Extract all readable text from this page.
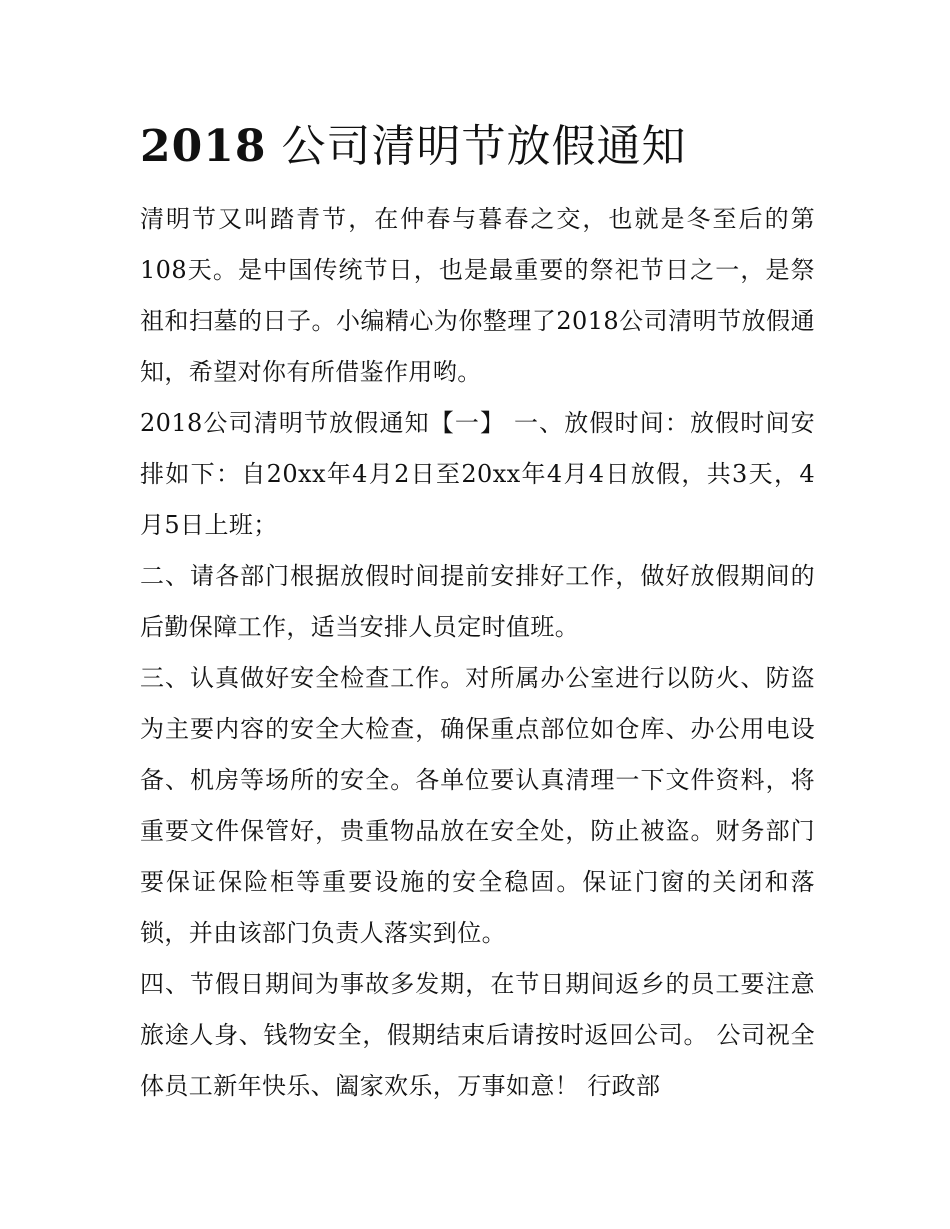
2018 公司清明节放假通知

清明节又叫踏青节，在仲春与暮春之交，也就是冬至后的第108天。是中国传统节日，也是最重要的祭祀节日之一，是祭祖和扫墓的日子。小编精心为你整理了2018公司清明节放假通知，希望对你有所借鉴作用哟。

2018公司清明节放假通知【一】 一、放假时间：放假时间安排如下：自20xx年4月2日至20xx年4月4日放假，共3天，4月5日上班；

二、请各部门根据放假时间提前安排好工作，做好放假期间的后勤保障工作，适当安排人员定时值班。

三、认真做好安全检查工作。对所属办公室进行以防火、防盗为主要内容的安全大检查，确保重点部位如仓库、办公用电设备、机房等场所的安全。各单位要认真清理一下文件资料，将重要文件保管好，贵重物品放在安全处，防止被盗。财务部门要保证保险柜等重要设施的安全稳固。保证门窗的关闭和落锁，并由该部门负责人落实到位。

四、节假日期间为事故多发期，在节日期间返乡的员工要注意旅途人身、钱物安全，假期结束后请按时返回公司。 公司祝全体员工新年快乐、阖家欢乐，万事如意！ 行政部
